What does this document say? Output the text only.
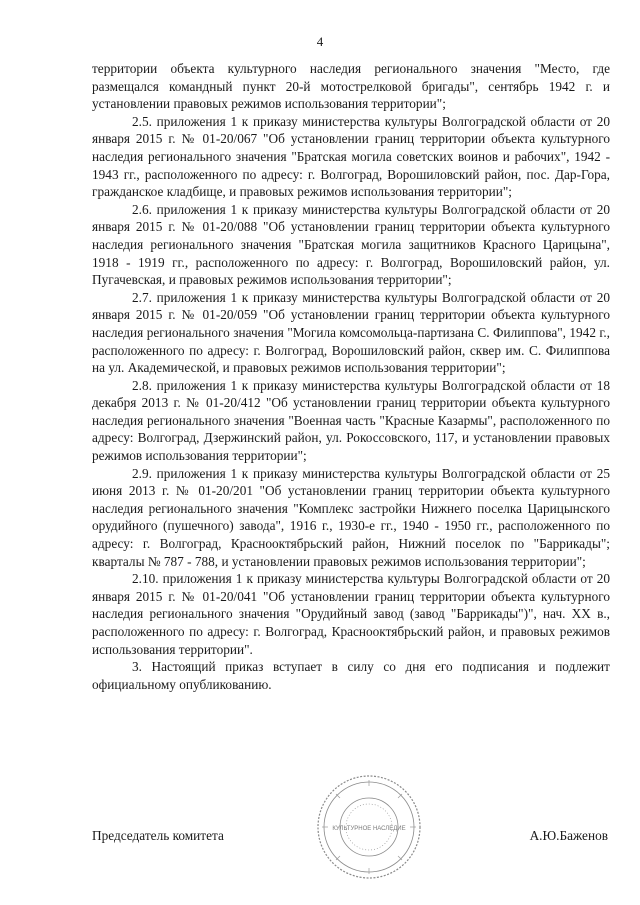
4

территории объекта культурного наследия регионального значения "Место, где размещался командный пункт 20-й мотострелковой бригады", сентябрь 1942 г. и установлении правовых режимов использования территории";

2.5. приложения 1 к приказу министерства культуры Волгоградской области от 20 января 2015 г. № 01-20/067 "Об установлении границ территории объекта культурного наследия регионального значения "Братская могила советских воинов и рабочих", 1942 - 1943 гг., расположенного по адресу: г. Волгоград, Ворошиловский район, пос. Дар-Гора, гражданское кладбище, и правовых режимов использования территории";

2.6. приложения 1 к приказу министерства культуры Волгоградской области от 20 января 2015 г. № 01-20/088 "Об установлении границ территории объекта культурного наследия регионального значения "Братская могила защитников Красного Царицына", 1918 - 1919 гг., расположенного по адресу: г. Волгоград, Ворошиловский район, ул. Пугачевская, и правовых режимов использования территории";

2.7. приложения 1 к приказу министерства культуры Волгоградской области от 20 января 2015 г. № 01-20/059 "Об установлении границ территории объекта культурного наследия регионального значения "Могила комсомольца-партизана С. Филиппова", 1942 г., расположенного по адресу: г. Волгоград, Ворошиловский район, сквер им. С. Филиппова на ул. Академической, и правовых режимов использования территории";

2.8. приложения 1 к приказу министерства культуры Волгоградской области от 18 декабря 2013 г. № 01-20/412 "Об установлении границ территории объекта культурного наследия регионального значения "Военная часть "Красные Казармы", расположенного по адресу: Волгоград, Дзержинский район, ул. Рокоссовского, 117, и установлении правовых режимов использования территории";

2.9. приложения 1 к приказу министерства культуры Волгоградской области от 25 июня 2013 г. № 01-20/201 "Об установлении границ территории объекта культурного наследия регионального значения "Комплекс застройки Нижнего поселка Царицынского орудийного (пушечного) завода", 1916 г., 1930-е гг., 1940 - 1950 гг., расположенного по адресу: г. Волгоград, Краснооктябрьский район, Нижний поселок по "Баррикады"; кварталы № 787 - 788, и установлении правовых режимов использования территории";

2.10. приложения 1 к приказу министерства культуры Волгоградской области от 20 января 2015 г. № 01-20/041 "Об установлении границ территории объекта культурного наследия регионального значения "Орудийный завод (завод "Баррикады")", нач. XX в., расположенного по адресу: г. Волгоград, Краснооктябрьский район, и правовых режимов использования территории".

3. Настоящий приказ вступает в силу со дня его подписания и подлежит официальному опубликованию.

КУЛЬТУРНОЕ НАСЛЕДИЕ
Председатель комитета	А.Ю.Баженов
